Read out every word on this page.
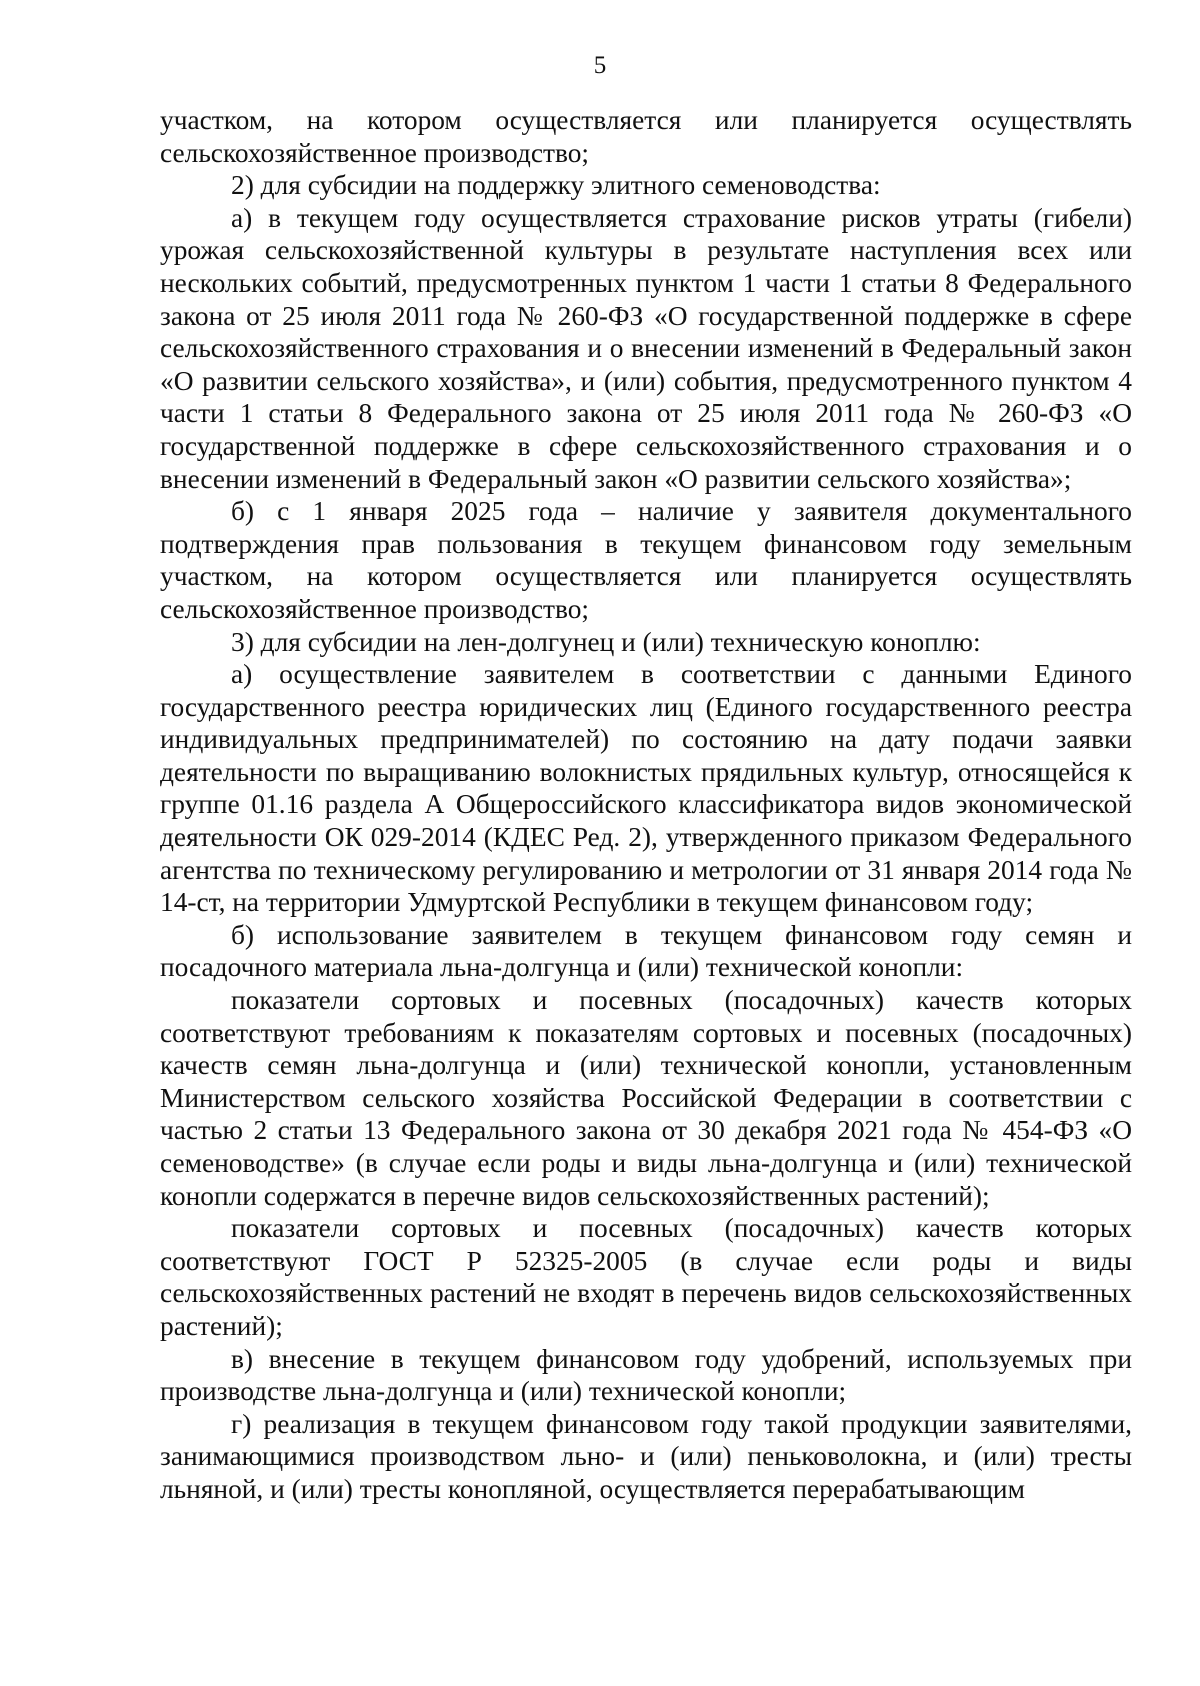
5

участком, на котором осуществляется или планируется осуществлять сельскохозяйственное производство;

2) для субсидии на поддержку элитного семеноводства:

а) в текущем году осуществляется страхование рисков утраты (гибели) урожая сельскохозяйственной культуры в результате наступления всех или нескольких событий, предусмотренных пунктом 1 части 1 статьи 8 Федерального закона от 25 июля 2011 года № 260-ФЗ «О государственной поддержке в сфере сельскохозяйственного страхования и о внесении изменений в Федеральный закон «О развитии сельского хозяйства», и (или) события, предусмотренного пунктом 4 части 1 статьи 8 Федерального закона от 25 июля 2011 года № 260-ФЗ «О государственной поддержке в сфере сельскохозяйственного страхования и о внесении изменений в Федеральный закон «О развитии сельского хозяйства»;

б) с 1 января 2025 года – наличие у заявителя документального подтверждения прав пользования в текущем финансовом году земельным участком, на котором осуществляется или планируется осуществлять сельскохозяйственное производство;

3) для субсидии на лен-долгунец и (или) техническую коноплю:

а) осуществление заявителем в соответствии с данными Единого государственного реестра юридических лиц (Единого государственного реестра индивидуальных предпринимателей) по состоянию на дату подачи заявки деятельности по выращиванию волокнистых прядильных культур, относящейся к группе 01.16 раздела А Общероссийского классификатора видов экономической деятельности ОК 029-2014 (КДЕС Ред. 2), утвержденного приказом Федерального агентства по техническому регулированию и метрологии от 31 января 2014 года № 14-ст, на территории Удмуртской Республики в текущем финансовом году;

б) использование заявителем в текущем финансовом году семян и посадочного материала льна-долгунца и (или) технической конопли:

показатели сортовых и посевных (посадочных) качеств которых соответствуют требованиям к показателям сортовых и посевных (посадочных) качеств семян льна-долгунца и (или) технической конопли, установленным Министерством сельского хозяйства Российской Федерации в соответствии с частью 2 статьи 13 Федерального закона от 30 декабря 2021 года № 454-ФЗ «О семеноводстве» (в случае если роды и виды льна-долгунца и (или) технической конопли содержатся в перечне видов сельскохозяйственных растений);

показатели сортовых и посевных (посадочных) качеств которых соответствуют ГОСТ Р 52325-2005 (в случае если роды и виды сельскохозяйственных растений не входят в перечень видов сельскохозяйственных растений);

в) внесение в текущем финансовом году удобрений, используемых при производстве льна-долгунца и (или) технической конопли;

г) реализация в текущем финансовом году такой продукции заявителями, занимающимися производством льно- и (или) пеньковолокна, и (или) тресты льняной, и (или) тресты конопляной, осуществляется перерабатывающим
